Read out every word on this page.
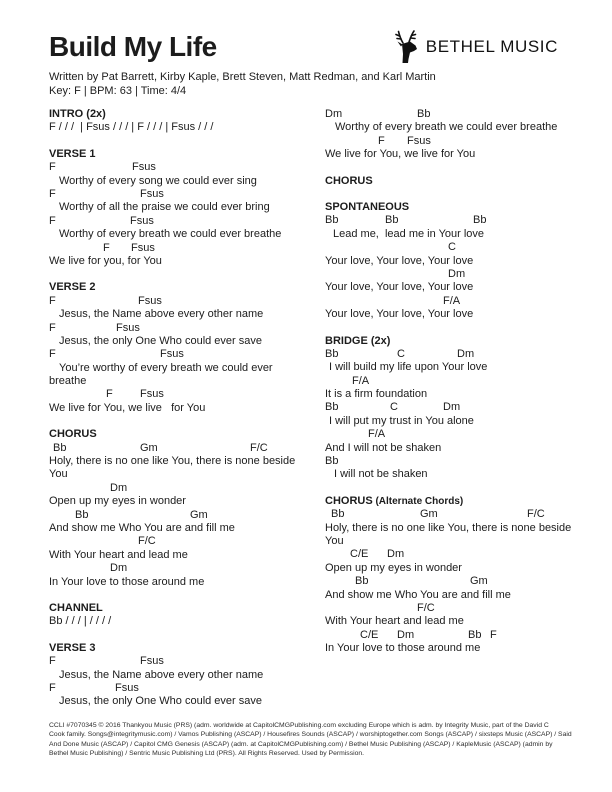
Build My Life
Written by Pat Barrett, Kirby Kaple, Brett Steven, Matt Redman, and Karl Martin
Key: F | BPM: 63 | Time: 4/4
BETHEL MUSIC
INTRO (2x)
F / / /  | Fsus / / / | F / / / | Fsus / / /
VERSE 1
F	Fsus
Worthy of every song we could ever sing
F	Fsus
Worthy of all the praise we could ever bring
F	Fsus
Worthy of every breath we could ever breathe
F Fsus
We live for you, for You
VERSE 2
F	Fsus
Jesus, the Name above every other name
F	Fsus
Jesus, the only One Who could ever save
F	Fsus
You’re worthy of every breath we could ever
breathe
F Fsus
We live for You, we live   for You
CHORUS
Bb	Gm	F/C
Holy, there is no one like You, there is none beside
You
Dm
Open up my eyes in wonder
Bb	Gm
And show me Who You are and fill me
F/C
With Your heart and lead me
Dm
In Your love to those around me
CHANNEL
Bb / / / | / / / /
VERSE 3
F	Fsus
Jesus, the Name above every other name
F	Fsus
Jesus, the only One Who could ever save
Dm	Bb
Worthy of every breath we could ever breathe
F Fsus
We live for You, we live for You
CHORUS
SPONTANEOUS
Bb	Bb	Bb
Lead me,  lead me in Your love
C
Your love, Your love, Your love
Dm
Your love, Your love, Your love
F/A
Your love, Your love, Your love
BRIDGE (2x)
Bb	C	Dm
I will build my life upon Your love
F/A
It is a firm foundation
Bb	C	Dm
I will put my trust in You alone
F/A
And I will not be shaken
Bb
I will not be shaken
CHORUS (Alternate Chords)
Bb	Gm	F/C
Holy, there is no one like You, there is none beside
You
C/E Dm
Open up my eyes in wonder
Bb	Gm
And show me Who You are and fill me
F/C
With Your heart and lead me
C/E Dm	Bb F
In Your love to those around me
CCLI #7070345 © 2016 Thankyou Music (PRS) (adm. worldwide at CapitolCMGPublishing.com excluding Europe which is adm. by Integrity Music, part of the David C
Cook family. Songs@integritymusic.com) / Vamos Publishing (ASCAP) / Housefires Sounds (ASCAP) / worshiptogether.com Songs (ASCAP) / sixsteps Music (ASCAP) / Said
And Done Music (ASCAP) / Capitol CMG Genesis (ASCAP) (adm. at CapitolCMGPublishing.com) / Bethel Music Publishing (ASCAP) / KapleMusic (ASCAP) (admin by
Bethel Music Publishing) / Sentric Music Publishing Ltd (PRS). All Rights Reserved. Used by Permission.
